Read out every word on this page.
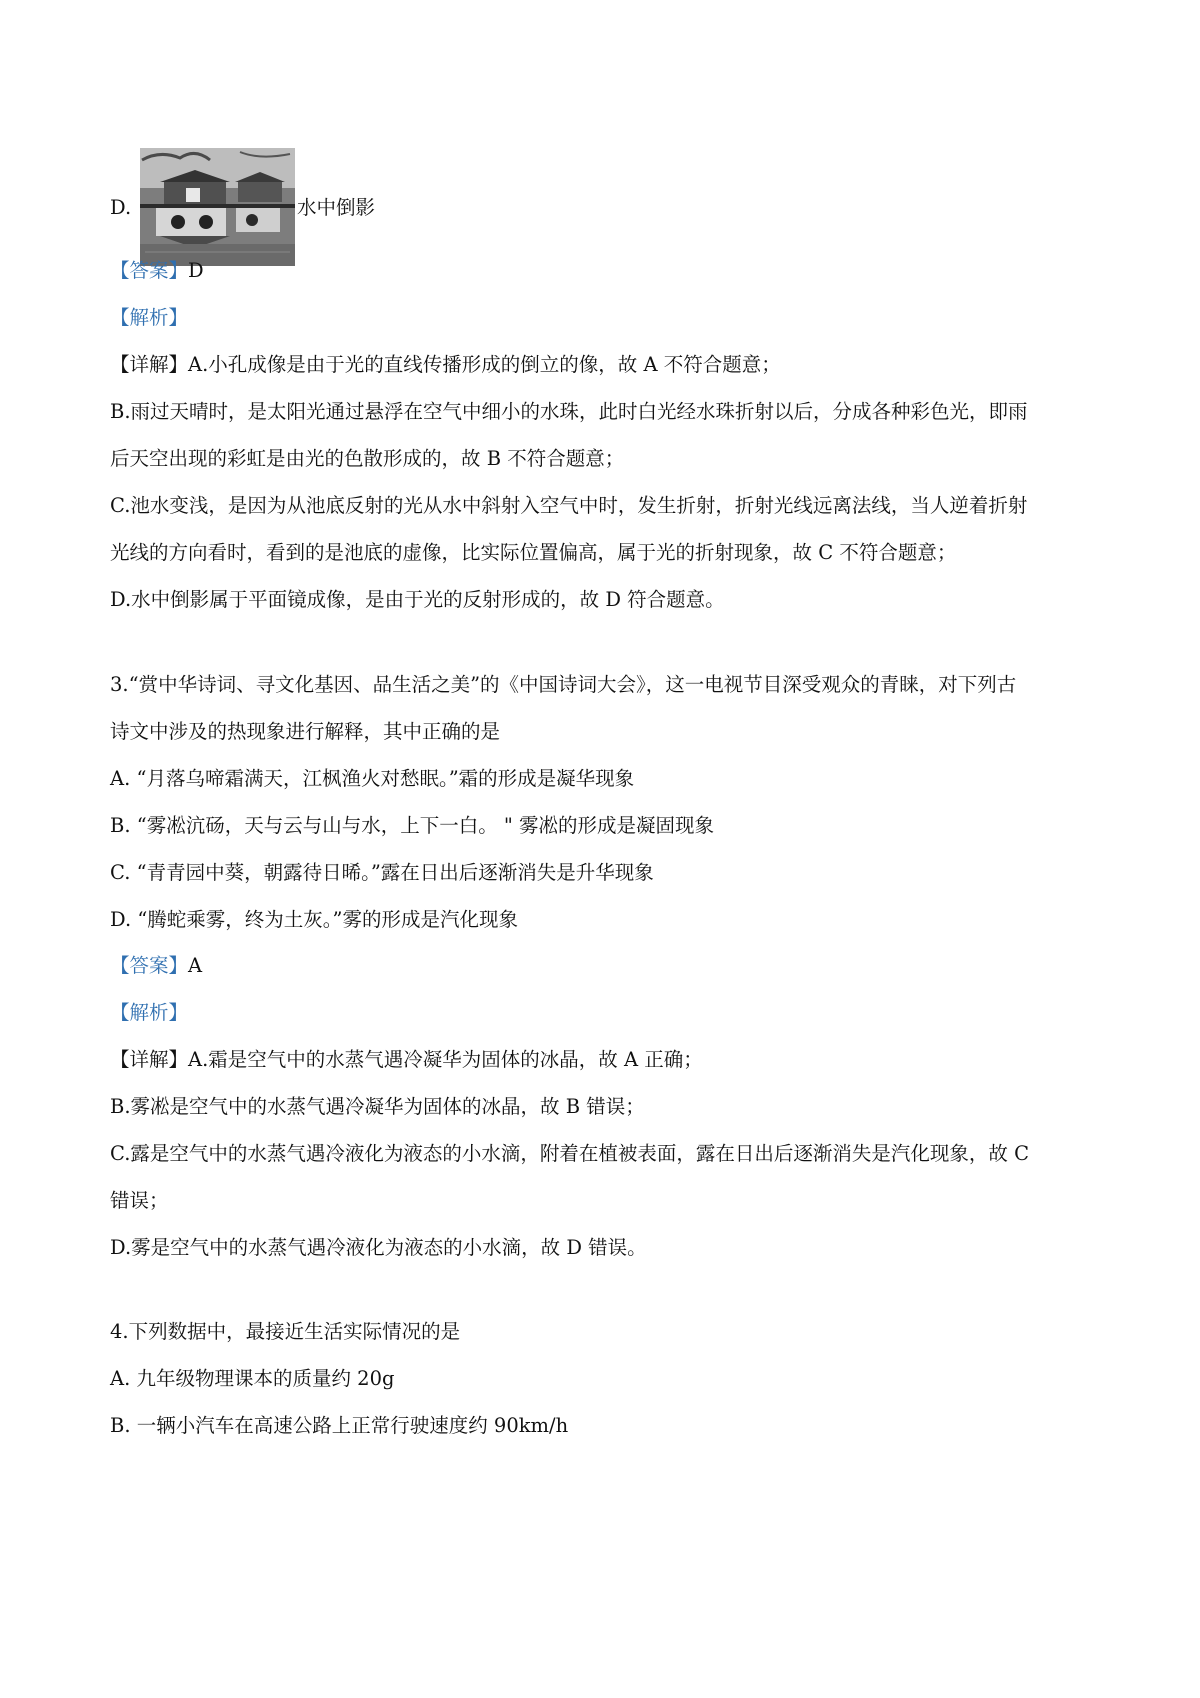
D.	水中倒影
【答案】D
【解析】
【详解】A.小孔成像是由于光的直线传播形成的倒立的像，故 A 不符合题意；
B.雨过天晴时，是太阳光通过悬浮在空气中细小的水珠，此时白光经水珠折射以后，分成各种彩色光，即雨
后天空出现的彩虹是由光的色散形成的，故 B 不符合题意；
C.池水变浅，是因为从池底反射的光从水中斜射入空气中时，发生折射，折射光线远离法线，当人逆着折射
光线的方向看时，看到的是池底的虚像，比实际位置偏高，属于光的折射现象，故 C 不符合题意；
D.水中倒影属于平面镜成像，是由于光的反射形成的，故 D 符合题意。
3.“赏中华诗词、寻文化基因、品生活之美”的《中国诗词大会》，这一电视节目深受观众的青睐，对下列古
诗文中涉及的热现象进行解释，其中正确的是
A. “月落乌啼霜满天，江枫渔火对愁眠。”霜的形成是凝华现象
B. “雾凇沆砀，天与云与山与水，上下一白。 " 雾凇的形成是凝固现象
C. “青青园中葵，朝露待日晞。”露在日出后逐渐消失是升华现象
D. “腾蛇乘雾，终为土灰。”雾的形成是汽化现象
【答案】A
【解析】
【详解】A.霜是空气中的水蒸气遇冷凝华为固体的冰晶，故 A 正确；
B.雾凇是空气中的水蒸气遇冷凝华为固体的冰晶，故 B 错误；
C.露是空气中的水蒸气遇冷液化为液态的小水滴，附着在植被表面，露在日出后逐渐消失是汽化现象，故 C
错误；
D.雾是空气中的水蒸气遇冷液化为液态的小水滴，故 D 错误。
4.下列数据中，最接近生活实际情况的是
A. 九年级物理课本的质量约 20g
B. 一辆小汽车在高速公路上正常行驶速度约 90km/h
